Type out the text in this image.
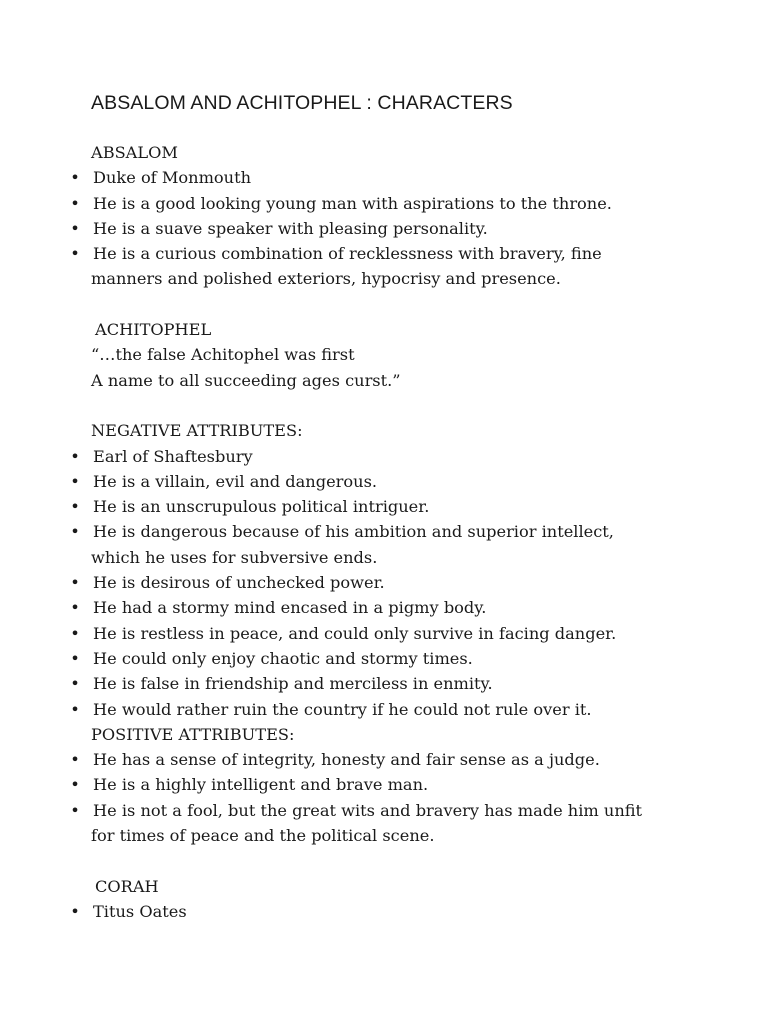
ABSALOM AND ACHITOPHEL : CHARACTERS
ABSALOM
• Duke of Monmouth
• He is a good looking young man with aspirations to the throne.
• He is a suave speaker with pleasing personality.
• He is a curious combination of recklessness with bravery, fine
manners and polished exteriors, hypocrisy and presence.
ACHITOPHEL
“…the false Achitophel was first
A name to all succeeding ages curst.”
NEGATIVE ATTRIBUTES:
• Earl of Shaftesbury
• He is a villain, evil and dangerous.
• He is an unscrupulous political intriguer.
• He is dangerous because of his ambition and superior intellect,
which he uses for subversive ends.
• He is desirous of unchecked power.
• He had a stormy mind encased in a pigmy body.
• He is restless in peace, and could only survive in facing danger.
• He could only enjoy chaotic and stormy times.
• He is false in friendship and merciless in enmity.
• He would rather ruin the country if he could not rule over it.
POSITIVE ATTRIBUTES:
• He has a sense of integrity, honesty and fair sense as a judge.
• He is a highly intelligent and brave man.
• He is not a fool, but the great wits and bravery has made him unfit
for times of peace and the political scene.
CORAH
• Titus Oates
